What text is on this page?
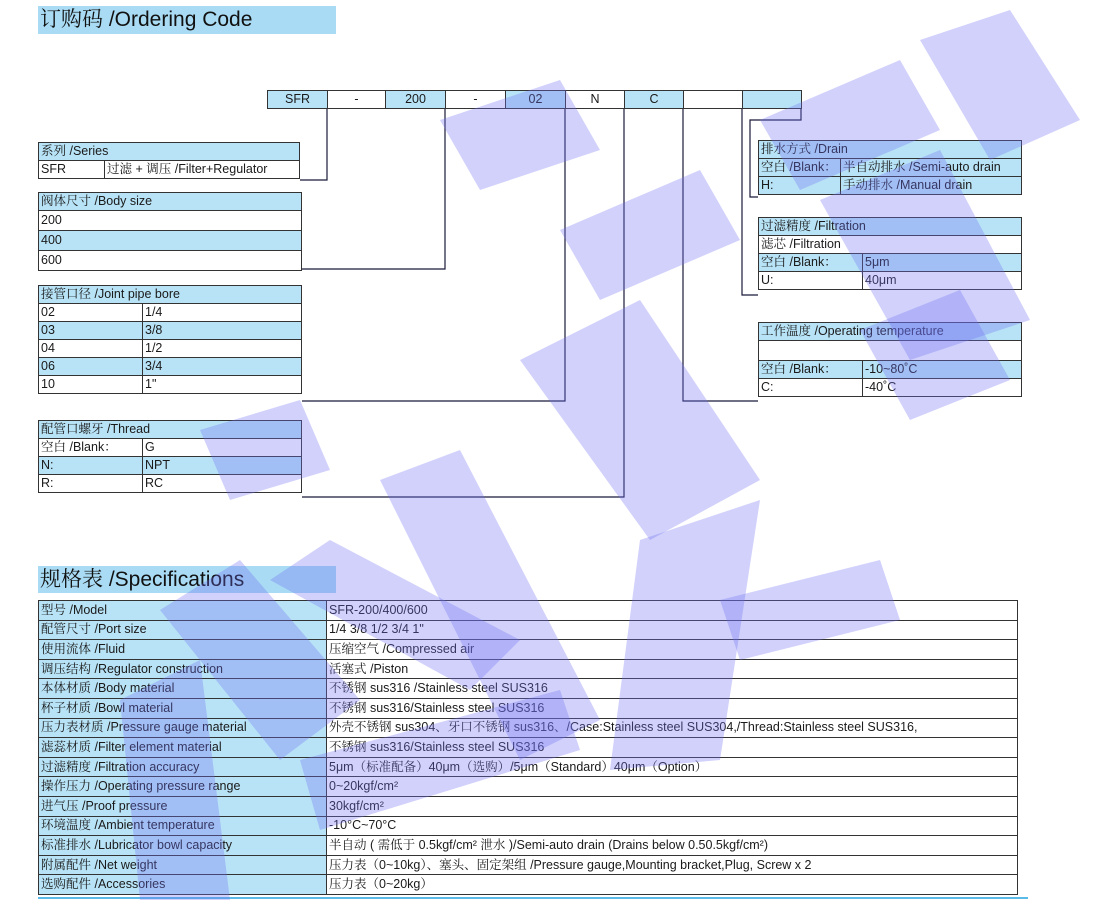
订购码 /Ordering Code
规格表 /Specifications
SFR	-	200	-	02	N	C
系列 /Series
SFR	过滤 + 调压 /Filter+Regulator
阀体尺寸 /Body size
200
400
600
接管口径 /Joint pipe bore	
02	1/4
03	3/8
04	1/2
06	3/4
10	1"
配管口螺牙 /Thread	
空白 /Blank：	G
N:	NPT
R:	RC
排水方式 /Drain	
空白 /Blank：	半自动排水 /Semi-auto drain
H:	手动排水 /Manual drain
过滤精度 /Filtration	
滤芯 /Filtration	
空白 /Blank：	5μm
U:	40μm
工作温度 /Operating temperature	

空白 /Blank：	-10~80˚C
C:	-40˚C
型号 /Model	SFR-200/400/600
配管尺寸 /Port size	1/4 3/8 1/2 3/4 1"
使用流体 /Fluid	压缩空气 /Compressed air
调压结构 /Regulator construction	活塞式 /Piston
本体材质 /Body material	不锈钢 sus316 /Stainless steel SUS316
杯子材质 /Bowl material	不锈钢 sus316/Stainless steel SUS316
压力表材质 /Pressure gauge material	外壳不锈钢 sus304、牙口不锈钢 sus316、/Case:Stainless steel SUS304,/Thread:Stainless steel SUS316,
滤蕊材质 /Filter element material	不锈钢 sus316/Stainless steel SUS316
过滤精度 /Filtration accuracy	5μm（标准配备）40μm（选购）/5μm（Standard）40μm（Option）
操作压力 /Operating pressure range	0~20kgf/cm²
进气压 /Proof pressure	30kgf/cm²
环境温度 /Ambient temperature	-10°C~70°C
标准排水 /Lubricator bowl capacity	半自动 ( 需低于 0.5kgf/cm² 泄水 )/Semi-auto drain (Drains below 0.50.5kgf/cm²)
附属配件 /Net weight	压力表（0~10kg）、塞头、固定架组 /Pressure gauge,Mounting bracket,Plug, Screw x 2
选购配件 /Accessories	压力表（0~20kg）
